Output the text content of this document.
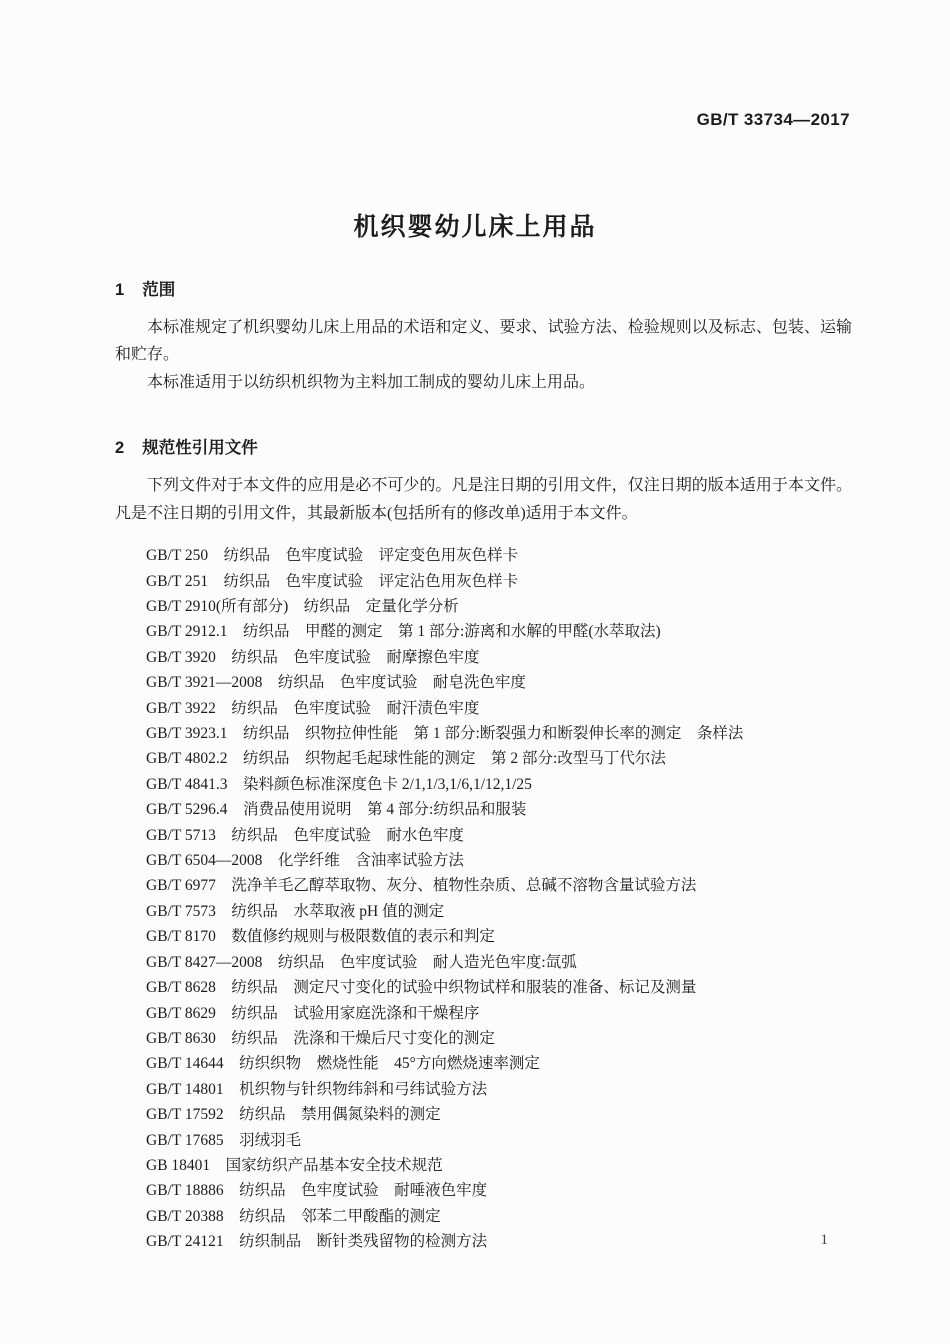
GB/T 33734—2017
机织婴幼儿床上用品
1 范围

本标准规定了机织婴幼儿床上用品的术语和定义、要求、试验方法、检验规则以及标志、包装、运输和贮存。

本标准适用于以纺织机织物为主料加工制成的婴幼儿床上用品。

2 规范性引用文件

下列文件对于本文件的应用是必不可少的。凡是注日期的引用文件，仅注日期的版本适用于本文件。凡是不注日期的引用文件，其最新版本(包括所有的修改单)适用于本文件。

GB/T 250　纺织品　色牢度试验　评定变色用灰色样卡
GB/T 251　纺织品　色牢度试验　评定沾色用灰色样卡
GB/T 2910(所有部分)　纺织品　定量化学分析
GB/T 2912.1　纺织品　甲醛的测定　第 1 部分:游离和水解的甲醛(水萃取法)
GB/T 3920　纺织品　色牢度试验　耐摩擦色牢度
GB/T 3921—2008　纺织品　色牢度试验　耐皂洗色牢度
GB/T 3922　纺织品　色牢度试验　耐汗渍色牢度
GB/T 3923.1　纺织品　织物拉伸性能　第 1 部分:断裂强力和断裂伸长率的测定　条样法
GB/T 4802.2　纺织品　织物起毛起球性能的测定　第 2 部分:改型马丁代尔法
GB/T 4841.3　染料颜色标准深度色卡 2/1,1/3,1/6,1/12,1/25
GB/T 5296.4　消费品使用说明　第 4 部分:纺织品和服装
GB/T 5713　纺织品　色牢度试验　耐水色牢度
GB/T 6504—2008　化学纤维　含油率试验方法
GB/T 6977　洗净羊毛乙醇萃取物、灰分、植物性杂质、总碱不溶物含量试验方法
GB/T 7573　纺织品　水萃取液 pH 值的测定
GB/T 8170　数值修约规则与极限数值的表示和判定
GB/T 8427—2008　纺织品　色牢度试验　耐人造光色牢度:氙弧
GB/T 8628　纺织品　测定尺寸变化的试验中织物试样和服装的准备、标记及测量
GB/T 8629　纺织品　试验用家庭洗涤和干燥程序
GB/T 8630　纺织品　洗涤和干燥后尺寸变化的测定
GB/T 14644　纺织织物　燃烧性能　45°方向燃烧速率测定
GB/T 14801　机织物与针织物纬斜和弓纬试验方法
GB/T 17592　纺织品　禁用偶氮染料的测定
GB/T 17685　羽绒羽毛
GB 18401　国家纺织产品基本安全技术规范
GB/T 18886　纺织品　色牢度试验　耐唾液色牢度
GB/T 20388　纺织品　邻苯二甲酸酯的测定
GB/T 24121　纺织制品　断针类残留物的检测方法	1
